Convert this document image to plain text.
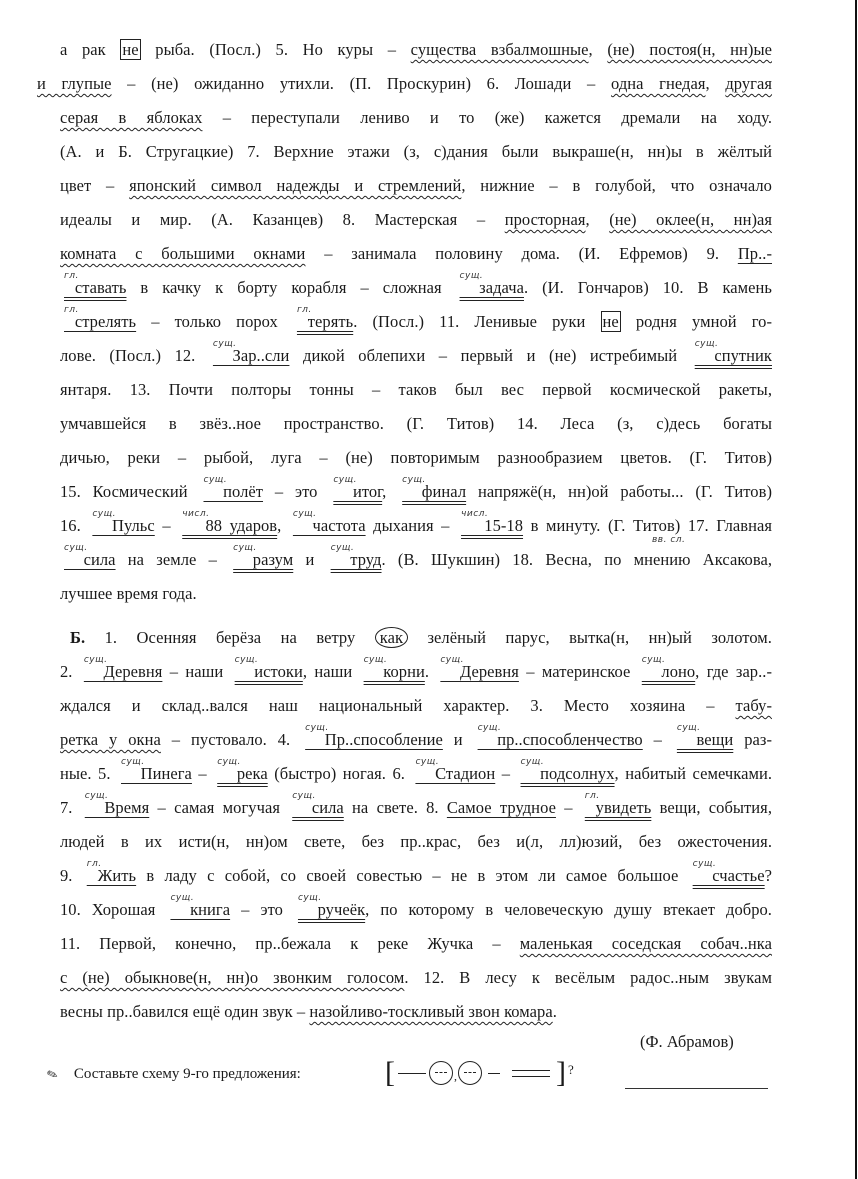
а рак не рыба. (Посл.) 5. Но куры – существа взбалмошные, (не) постоя(н, нн)ые
и глупые – (не) ожиданно утихли. (П. Проскурин) 6. Лошади – одна гнедая, другая
серая в яблоках – переступали лениво и то (же) кажется дремали на ходу.
(А. и Б. Стругацкие) 7. Верхние этажи (з, с)дания были выкраше(н, нн)ы в жёлтый
цвет – японский символ надежды и стремлений, нижние – в голубой, что означало
идеалы и мир. (А. Казанцев) 8. Мастерская – просторная, (не) оклее(н, нн)ая
комната с большими окнами – занимала половину дома. (И. Ефремов) 9. Пр..-
$^{гл.}$ставать в качку к борту корабля – сложная $^{сущ.}$задача. (И. Гончаров) 10. В камень
$^{гл.}$стрелять – только порох $^{гл.}$терять. (Посл.) 11. Ленивые руки не родня умной го-
лове. (Посл.) 12. $^{сущ.}$Зар..сли дикой облепихи – первый и (не) истребимый $^{сущ.}$спутник
янтаря. 13. Почти полторы тонны – таков был вес первой космической ракеты,
умчавшейся в звёз..ное пространство. (Г. Титов) 14. Леса (з, с)десь богаты
дичью, реки – рыбой, луга – (не) повторимым разнообразием цветов. (Г. Титов)
15. Космический $^{сущ.}$полёт – это $^{сущ.}$итог, $^{сущ.}$финал напряжё(н, нн)ой работы... (Г. Титов)
16. $^{сущ.}$Пульс – $^{числ.}$88 ударов, $^{сущ.}$частота дыхания – $^{числ.}$15-18 в минуту. (Г. Титов) 17. Главная
$^{сущ.}$сила на земле – $^{сущ.}$разум и $^{сущ.}$труд. (В. Шукшин) 18. Весна, по мнению Аксакова,
вв. сл.
лучшее время года.
Б. 1. Осенняя берёза на ветру как зелёный парус, вытка(н, нн)ый золотом.
2. $^{сущ.}$Деревня – наши $^{сущ.}$истоки, наши $^{сущ.}$корни. $^{сущ.}$Деревня – материнское $^{сущ.}$лоно, где зар..-
ждался и склад..вался наш национальный характер. 3. Место хозяина – табу-
ретка у окна – пустовало. 4. $^{сущ.}$Пр..способление и $^{сущ.}$пр..способленчество – $^{сущ.}$вещи раз-
ные. 5. $^{сущ.}$Пинега – $^{сущ.}$река (быстро) ногая. 6. $^{сущ.}$Стадион – $^{сущ.}$подсолнух, набитый семечками.
7. $^{сущ.}$Время – самая могучая $^{сущ.}$сила на свете. 8. Самое трудное – $^{гл.}$увидеть вещи, события,
людей в их исти(н, нн)ом свете, без пр..крас, без и(л, лл)юзий, без ожесточения.
9. $^{гл.}$Жить в ладу с собой, со своей совестью – не в этом ли самое большое $^{сущ.}$счастье?
10. Хорошая $^{сущ.}$книга – это $^{сущ.}$ручеёк, по которому в человеческую душу втекает добро.
11. Первой, конечно, пр..бежала к реке Жучка – маленькая соседская собач..нка
с (не) обыкнове(н, нн)о звонким голосом. 12. В лесу к весёлым радос..ным звукам
весны пр..бавился ещё один звук – назойливо-тоскливый звон комара.
(Ф. Абрамов)
✎ Составьте схему 9-го предложения:	[	,	] ?
